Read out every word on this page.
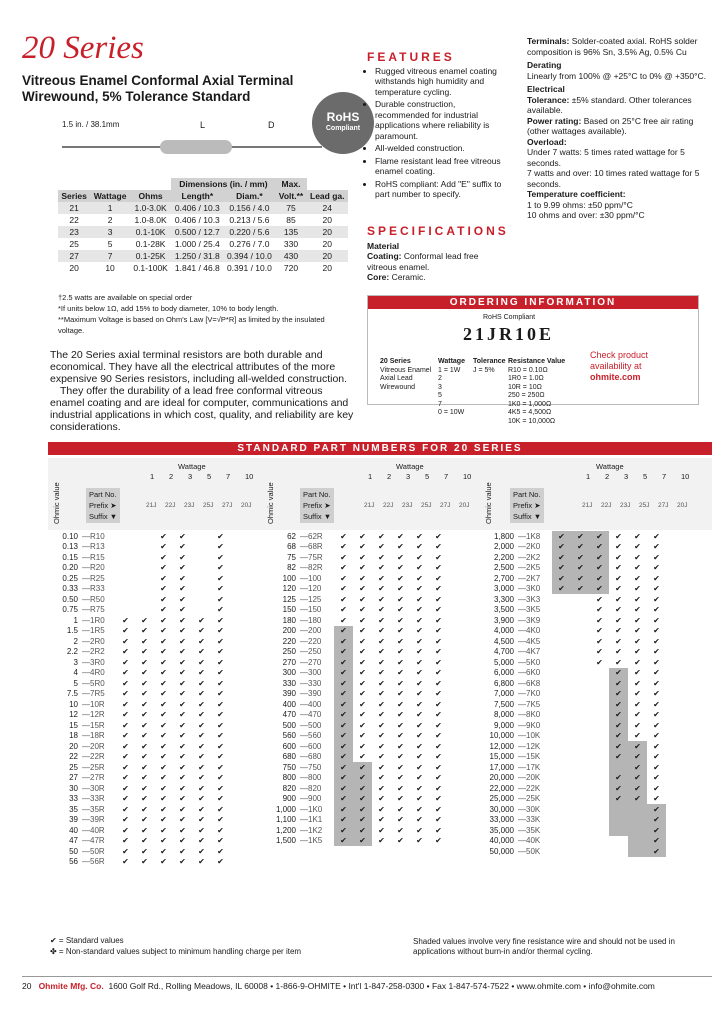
20 Series
Vitreous Enamel Conformal Axial Terminal
Wirewound, 5% Tolerance Standard
RoHS
Compliant
1.5 in. / 38.1mm	L	D
			Dimensions (in. / mm)		Max.	
Series	Wattage	Ohms	Length*	Diam.*	Volt.**	Lead ga.
21	1	1.0-3.0K	0.406 / 10.3	0.156 / 4.0	75	24
22	2	1.0-8.0K	0.406 / 10.3	0.213 / 5.6	85	20
23	3	0.1-10K	0.500 / 12.7	0.220 / 5.6	135	20
25	5	0.1-28K	1.000 / 25.4	0.276 / 7.0	330	20
27	7	0.1-25K	1.250 / 31.8	0.394 / 10.0	430	20
20	10	0.1-100K	1.841 / 46.8	0.391 / 10.0	720	20
†2.5 watts are available on special order
*If units below 1Ω, add 15% to body diameter, 10% to body length.
**Maximum Voltage is based on Ohm's Law [V=√P*R] as limited by the insulated voltage.
The 20 Series axial terminal resistors are both durable and economical. They have all the electrical attributes of the more expensive 90 Series resistors, including all-welded construction.
They offer the durability of a lead free conformal vitreous enamel coating and are ideal for computer, communications and industrial applications in which cost, quality, and reliability are key considerations.
FEATURES
• Rugged vitreous enamel coating withstands high humidity and temperature cycling.
• Durable construction, recommended for industrial applications where reliability is paramount.
• All-welded construction.
• Flame resistant lead free vitreous enamel coating.
• RoHS compliant: Add "E" suffix to part number to specify.
SPECIFICATIONS
Material
Coating: Conformal lead free vitreous enamel.
Core: Ceramic.
Terminals: Solder-coated axial. RoHS solder composition is 96% Sn, 3.5% Ag, 0.5% Cu
Derating
Linearly from 100% @ +25°C to 0% @ +350°C.
Electrical
Tolerance: ±5% standard. Other tolerances available.
Power rating: Based on 25°C free air rating (other wattages available).
Overload:
Under 7 watts: 5 times rated wattage for 5 seconds.
7 watts and over: 10 times rated wattage for 5 seconds.
Temperature coefficient:
1 to 9.99 ohms: ±50 ppm/°C
10 ohms and over: ±30 ppm/°C
ORDERING INFORMATION
RoHS Compliant
21JR10E
20 Series
Vitreous Enamel
Axial Lead
Wirewound
Wattage
1 = 1W
2
3
5
7
0 = 10W
Tolerance
J = 5%
Resistance Value
R10 = 0.10Ω
1R0 = 1.0Ω
10R = 10Ω
250 = 250Ω
1K0 = 1,000Ω
4K5 = 4,500Ω
10K = 10,000Ω
Check product
availability at
ohmite.com
STANDARD PART NUMBERS FOR 20 SERIES
Ohmic value
Wattage
Part No.
Prefix ➤
Suffix ▼	Ohmic value
Wattage
Part No.
Prefix ➤
Suffix ▼	Ohmic value
Wattage
Part No.
Prefix ➤
Suffix ▼
1
21J
2
22J
3
23J
5
25J
7
27J
10
20J
1
21J
2
22J
3
23J
5
25J
7
27J
10
20J
1
21J
2
22J
3
23J
5
25J
7
27J
10
20J
0.10	—R10			✔	✔		✔
0.13	—R13			✔	✔		✔
0.15	—R15			✔	✔		✔
0.20	—R20			✔	✔		✔
0.25	—R25			✔	✔		✔
0.33	—R33			✔	✔		✔
0.50	—R50			✔	✔		✔
0.75	—R75			✔	✔		✔
1	—1R0	✔	✔	✔	✔	✔	✔
1.5	—1R5	✔	✔	✔	✔	✔	✔
2	—2R0	✔	✔	✔	✔	✔	✔
2.2	—2R2	✔	✔	✔	✔	✔	✔
3	—3R0	✔	✔	✔	✔	✔	✔
4	—4R0	✔	✔	✔	✔	✔	✔
5	—5R0	✔	✔	✔	✔	✔	✔
7.5	—7R5	✔	✔	✔	✔	✔	✔
10	—10R	✔	✔	✔	✔	✔	✔
12	—12R	✔	✔	✔	✔	✔	✔
15	—15R	✔	✔	✔	✔	✔	✔
18	—18R	✔	✔	✔	✔	✔	✔
20	—20R	✔	✔	✔	✔	✔	✔
22	—22R	✔	✔	✔	✔	✔	✔
25	—25R	✔	✔	✔	✔	✔	✔
27	—27R	✔	✔	✔	✔	✔	✔
30	—30R	✔	✔	✔	✔	✔	✔
33	—33R	✔	✔	✔	✔	✔	✔
35	—35R	✔	✔	✔	✔	✔	✔
39	—39R	✔	✔	✔	✔	✔	✔
40	—40R	✔	✔	✔	✔	✔	✔
47	—47R	✔	✔	✔	✔	✔	✔
50	—50R	✔	✔	✔	✔	✔	✔
56	—56R	✔	✔	✔	✔	✔	✔
62	—62R	✔	✔	✔	✔	✔	✔
68	—68R	✔	✔	✔	✔	✔	✔
75	—75R	✔	✔	✔	✔	✔	✔
82	—82R	✔	✔	✔	✔	✔	✔
100	—100	✔	✔	✔	✔	✔	✔
120	—120	✔	✔	✔	✔	✔	✔
125	—125	✔	✔	✔	✔	✔	✔
150	—150	✔	✔	✔	✔	✔	✔
180	—180	✔	✔	✔	✔	✔	✔
200	—200	✔	✔	✔	✔	✔	✔
220	—220	✔	✔	✔	✔	✔	✔
250	—250	✔	✔	✔	✔	✔	✔
270	—270	✔	✔	✔	✔	✔	✔
300	—300	✔	✔	✔	✔	✔	✔
330	—330	✔	✔	✔	✔	✔	✔
390	—390	✔	✔	✔	✔	✔	✔
400	—400	✔	✔	✔	✔	✔	✔
470	—470	✔	✔	✔	✔	✔	✔
500	—500	✔	✔	✔	✔	✔	✔
560	—560	✔	✔	✔	✔	✔	✔
600	—600	✔	✔	✔	✔	✔	✔
680	—680	✔	✔	✔	✔	✔	✔
750	—750	✔	✔	✔	✔	✔	✔
800	—800	✔	✔	✔	✔	✔	✔
820	—820	✔	✔	✔	✔	✔	✔
900	—900	✔	✔	✔	✔	✔	✔
1,000	—1K0	✔	✔	✔	✔	✔	✔
1,100	—1K1	✔	✔	✔	✔	✔	✔
1,200	—1K2	✔	✔	✔	✔	✔	✔
1,500	—1K5	✔	✔	✔	✔	✔	✔
1,800	—1K8	✔	✔	✔	✔	✔	✔
2,000	—2K0	✔	✔	✔	✔	✔	✔
2,200	—2K2	✔	✔	✔	✔	✔	✔
2,500	—2K5	✔	✔	✔	✔	✔	✔
2,700	—2K7	✔	✔	✔	✔	✔	✔
3,000	—3K0	✔	✔	✔	✔	✔	✔
3,300	—3K3			✔	✔	✔	✔
3,500	—3K5			✔	✔	✔	✔
3,900	—3K9			✔	✔	✔	✔
4,000	—4K0			✔	✔	✔	✔
4,500	—4K5			✔	✔	✔	✔
4,700	—4K7			✔	✔	✔	✔
5,000	—5K0			✔	✔	✔	✔
6,000	—6K0				✔	✔	✔
6,800	—6K8				✔	✔	✔
7,000	—7K0				✔	✔	✔
7,500	—7K5				✔	✔	✔
8,000	—8K0				✔	✔	✔
9,000	—9K0				✔	✔	✔
10,000	—10K				✔	✔	✔
12,000	—12K				✔	✔	✔
15,000	—15K				✔	✔	✔
17,000	—17K					✔	✔
20,000	—20K				✔	✔	✔
22,000	—22K				✔	✔	✔
25,000	—25K				✔	✔	✔
30,000	—30K						✔
33,000	—33K						✔
35,000	—35K						✔
40,000	—40K						✔
50,000	—50K						✔
✔ = Standard values
✤ = Non-standard values subject to minimum handling charge per item
Shaded values involve very fine resistance wire and should not be used in applications without burn-in and/or thermal cycling.
20 Ohmite Mfg. Co. 1600 Golf Rd., Rolling Meadows, IL 60008 • 1-866-9-OHMITE • Int'l 1-847-258-0300 • Fax 1-847-574-7522 • www.ohmite.com • info@ohmite.com
